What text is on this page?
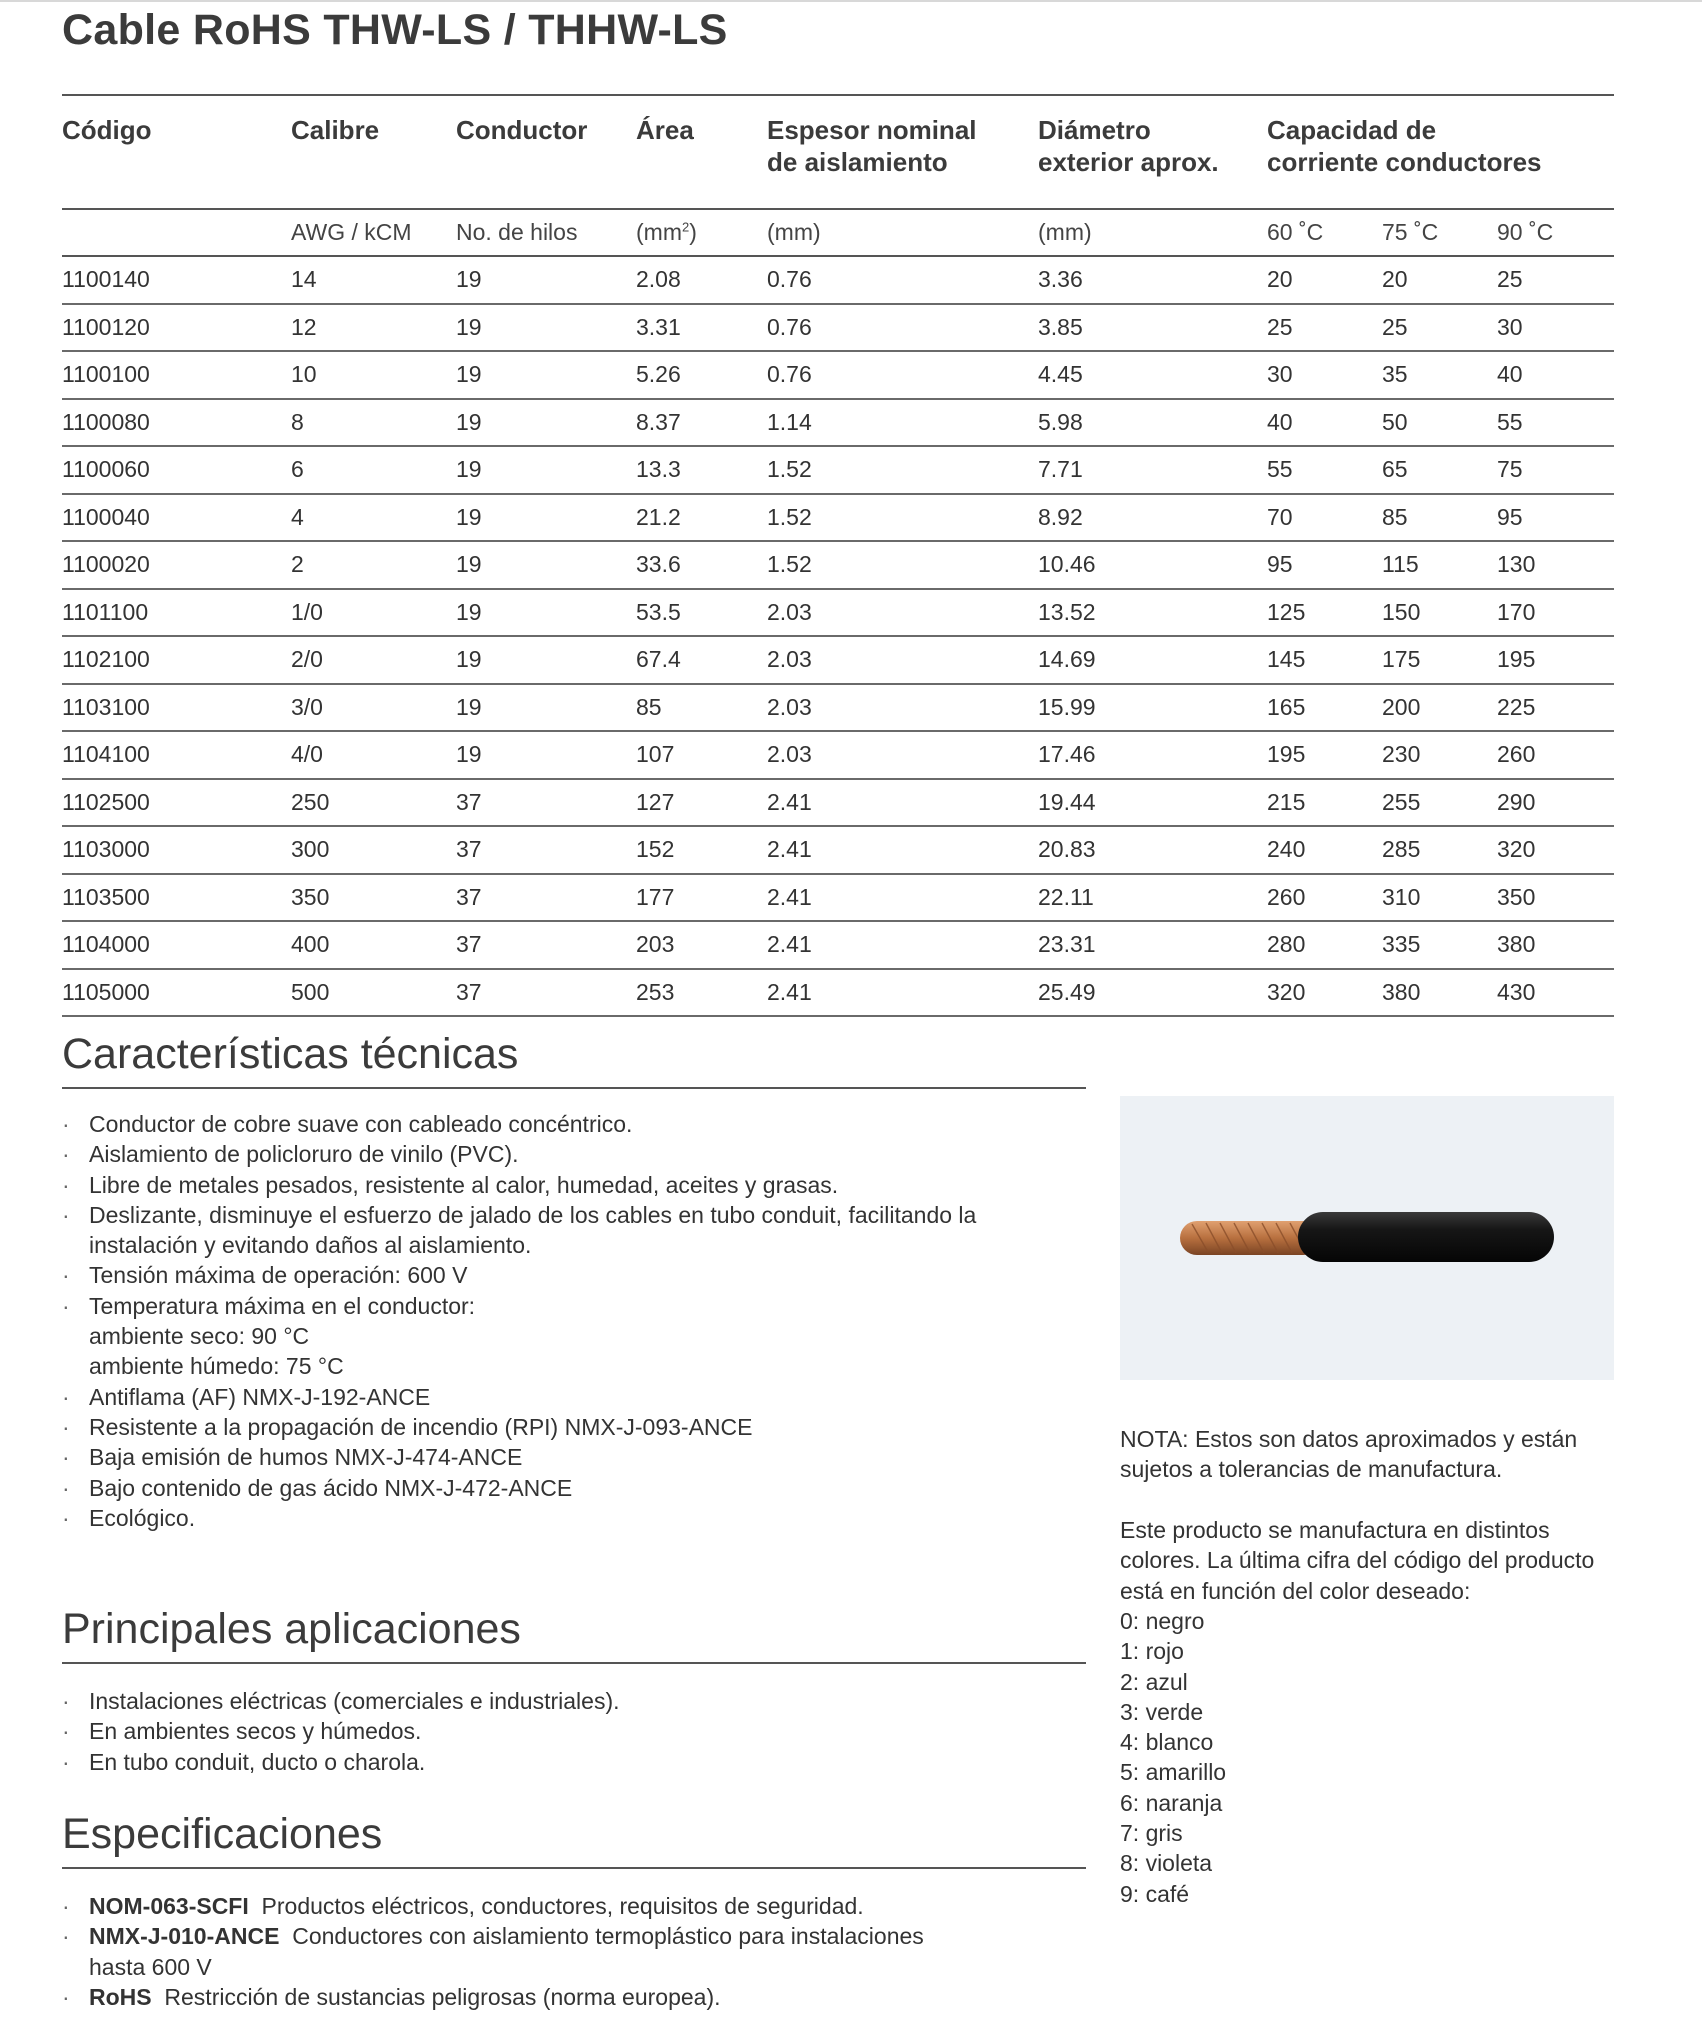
Cable RoHS THW-LS / THHW-LS
Código	Calibre	Conductor	Área	Espesor nominal
de aislamiento	Diámetro
exterior aprox.	Capacidad de
corriente conductores		
	AWG / kCM	No. de hilos	$(mm^2)$	(mm)	(mm)	60 ˚C	75 ˚C	90 ˚C
1100140	14	19	2.08	0.76	3.36	20	20	25
1100120	12	19	3.31	0.76	3.85	25	25	30
1100100	10	19	5.26	0.76	4.45	30	35	40
1100080	8	19	8.37	1.14	5.98	40	50	55
1100060	6	19	13.3	1.52	7.71	55	65	75
1100040	4	19	21.2	1.52	8.92	70	85	95
1100020	2	19	33.6	1.52	10.46	95	115	130
1101100	1/0	19	53.5	2.03	13.52	125	150	170
1102100	2/0	19	67.4	2.03	14.69	145	175	195
1103100	3/0	19	85	2.03	15.99	165	200	225
1104100	4/0	19	107	2.03	17.46	195	230	260
1102500	250	37	127	2.41	19.44	215	255	290
1103000	300	37	152	2.41	20.83	240	285	320
1103500	350	37	177	2.41	22.11	260	310	350
1104000	400	37	203	2.41	23.31	280	335	380
1105000	500	37	253	2.41	25.49	320	380	430
Características técnicas
· Conductor de cobre suave con cableado concéntrico.
· Aislamiento de policloruro de vinilo (PVC).
· Libre de metales pesados, resistente al calor, humedad, aceites y grasas.
· Deslizante, disminuye el esfuerzo de jalado de los cables en tubo conduit, facilitando la
instalación y evitando daños al aislamiento.
· Tensión máxima de operación: 600 V
· Temperatura máxima en el conductor:
ambiente seco: 90 °C
ambiente húmedo: 75 °C
· Antiflama (AF) NMX-J-192-ANCE
· Resistente a la propagación de incendio (RPI) NMX-J-093-ANCE
· Baja emisión de humos NMX-J-474-ANCE
· Bajo contenido de gas ácido NMX-J-472-ANCE
· Ecológico.
Principales aplicaciones
· Instalaciones eléctricas (comerciales e industriales).
· En ambientes secos y húmedos.
· En tubo conduit, ducto o charola.
Especificaciones
· NOM-063-SCFI Productos eléctricos, conductores, requisitos de seguridad.
· NMX-J-010-ANCE Conductores con aislamiento termoplástico para instalaciones
hasta 600 V
· RoHS Restricción de sustancias peligrosas (norma europea).

NOTA: Estos son datos aproximados y están sujetos a tolerancias de manufactura.

Este producto se manufactura en distintos colores. La última cifra del código del producto está en función del color deseado:

0: negro
1: rojo
2: azul
3: verde
4: blanco
5: amarillo
6: naranja
7: gris
8: violeta
9: café
